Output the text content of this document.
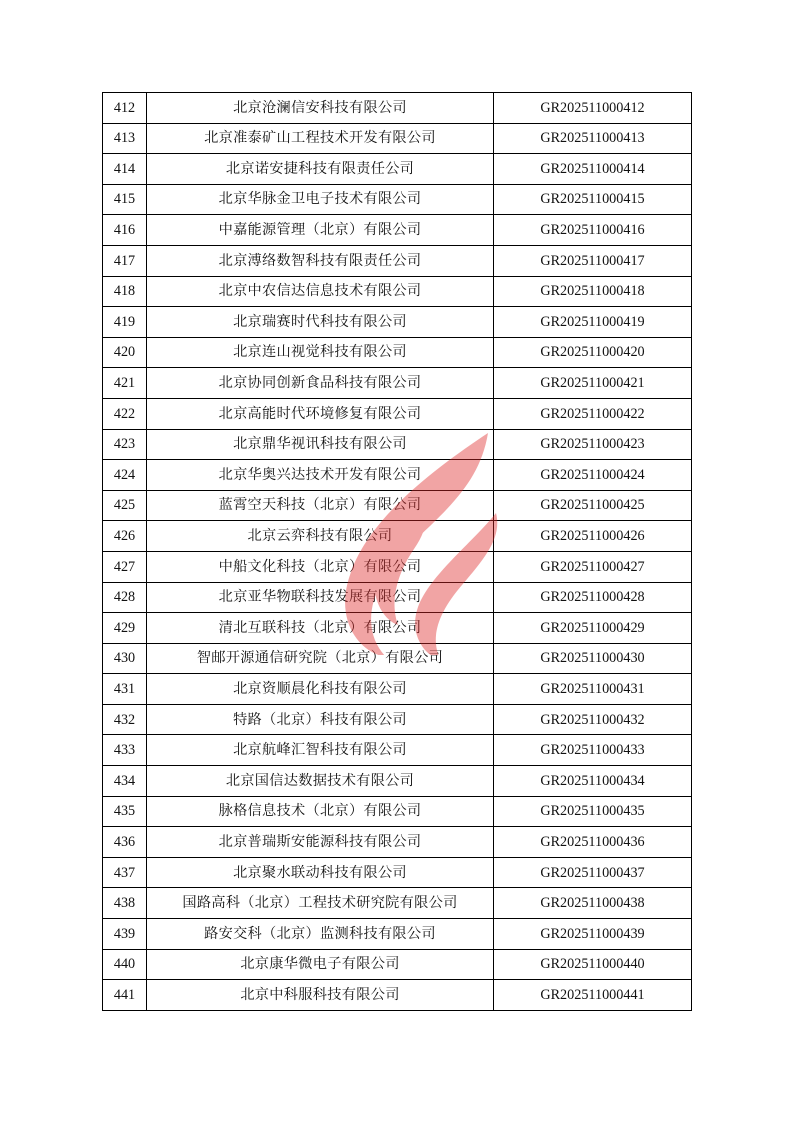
412	北京沧澜信安科技有限公司	GR202511000412
413	北京准泰矿山工程技术开发有限公司	GR202511000413
414	北京诺安捷科技有限责任公司	GR202511000414
415	北京华脉金卫电子技术有限公司	GR202511000415
416	中嘉能源管理（北京）有限公司	GR202511000416
417	北京溥络数智科技有限责任公司	GR202511000417
418	北京中农信达信息技术有限公司	GR202511000418
419	北京瑞赛时代科技有限公司	GR202511000419
420	北京连山视觉科技有限公司	GR202511000420
421	北京协同创新食品科技有限公司	GR202511000421
422	北京高能时代环境修复有限公司	GR202511000422
423	北京鼎华视讯科技有限公司	GR202511000423
424	北京华奥兴达技术开发有限公司	GR202511000424
425	蓝霄空天科技（北京）有限公司	GR202511000425
426	北京云弈科技有限公司	GR202511000426
427	中船文化科技（北京）有限公司	GR202511000427
428	北京亚华物联科技发展有限公司	GR202511000428
429	清北互联科技（北京）有限公司	GR202511000429
430	智邮开源通信研究院（北京）有限公司	GR202511000430
431	北京资顺晨化科技有限公司	GR202511000431
432	特路（北京）科技有限公司	GR202511000432
433	北京航峰汇智科技有限公司	GR202511000433
434	北京国信达数据技术有限公司	GR202511000434
435	脉格信息技术（北京）有限公司	GR202511000435
436	北京普瑞斯安能源科技有限公司	GR202511000436
437	北京聚水联动科技有限公司	GR202511000437
438	国路高科（北京）工程技术研究院有限公司	GR202511000438
439	路安交科（北京）监测科技有限公司	GR202511000439
440	北京康华微电子有限公司	GR202511000440
441	北京中科服科技有限公司	GR202511000441
